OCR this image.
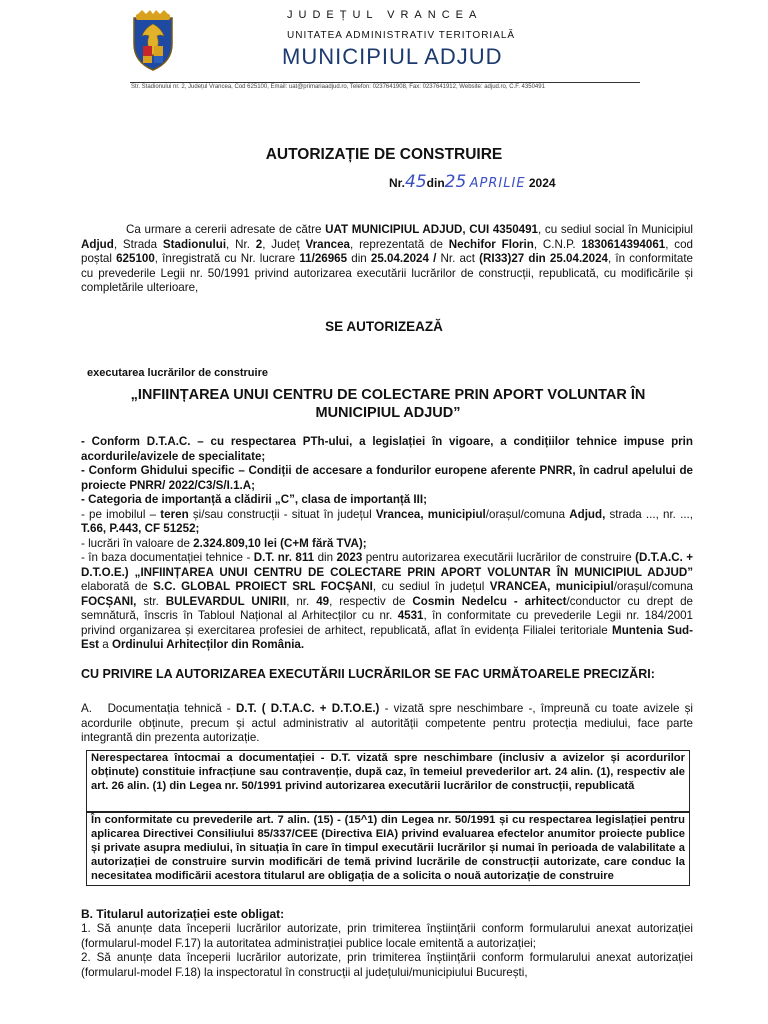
JUDEȚUL VRANCEA
UNITATEA ADMINISTRATIV TERITORIALĂ
MUNICIPIUL ADJUD
Str. Stadionului nr. 2, Județul Vrancea, Cod 625100, Email: uat@primariaadjud.ro, Telefon: 0237641908, Fax: 0237641912, Website: adjud.ro, C.F. 4350491
AUTORIZAȚIE DE CONSTRUIRE
Nr.45din25 APRILIE 2024
Ca urmare a cererii adresate de către UAT MUNICIPIUL ADJUD, CUI 4350491, cu sediul social în Municipiul Adjud, Strada Stadionului, Nr. 2, Județ Vrancea, reprezentată de Nechifor Florin, C.N.P. 1830614394061, cod poștal 625100, înregistrată cu Nr. lucrare 11/26965 din 25.04.2024 / Nr. act (RI33)27 din 25.04.2024, în conformitate cu prevederile Legii nr. 50/1991 privind autorizarea executării lucrărilor de construcții, republicată, cu modificările și completările ulterioare,
SE AUTORIZEAZĂ
executarea lucrărilor de construire
„INFIINȚAREA UNUI CENTRU DE COLECTARE PRIN APORT VOLUNTAR ÎN MUNICIPIUL ADJUD”
- Conform D.T.A.C. – cu respectarea PTh-ului, a legislației în vigoare, a condițiilor tehnice impuse prin acordurile/avizele de specialitate;
- Conform Ghidului specific – Condiții de accesare a fondurilor europene aferente PNRR, în cadrul apelului de proiecte PNRR/ 2022/C3/S/I.1.A;
- Categoria de importanță a clădirii „C”, clasa de importanță III;
- pe imobilul – teren și/sau construcții - situat în județul Vrancea, municipiul/orașul/comuna Adjud, strada ..., nr. ..., T.66, P.443, CF 51252;
- lucrări în valoare de 2.324.809,10 lei (C+M fără TVA);
- în baza documentației tehnice - D.T. nr. 811 din 2023 pentru autorizarea executării lucrărilor de construire (D.T.A.C. + D.T.O.E.) „INFIINȚAREA UNUI CENTRU DE COLECTARE PRIN APORT VOLUNTAR ÎN MUNICIPIUL ADJUD” elaborată de S.C. GLOBAL PROIECT SRL FOCȘANI, cu sediul în județul VRANCEA, municipiul/orașul/comuna FOCȘANI, str. BULEVARDUL UNIRII, nr. 49, respectiv de Cosmin Nedelcu - arhitect/conductor cu drept de semnătură, înscris în Tabloul Național al Arhitecților cu nr. 4531, în conformitate cu prevederile Legii nr. 184/2001 privind organizarea și exercitarea profesiei de arhitect, republicată, aflat în evidența Filialei teritoriale Muntenia Sud-Est a Ordinului Arhitecților din România.
CU PRIVIRE LA AUTORIZAREA EXECUTĂRII LUCRĂRILOR SE FAC URMĂTOARELE PRECIZĂRI:
A. Documentația tehnică - D.T. ( D.T.A.C. + D.T.O.E.) - vizată spre neschimbare -, împreună cu toate avizele și acordurile obținute, precum și actul administrativ al autorității competente pentru protecția mediului, face parte integrantă din prezenta autorizație.
Nerespectarea întocmai a documentației - D.T. vizată spre neschimbare (inclusiv a avizelor și acordurilor obținute) constituie infracțiune sau contravenție, după caz, în temeiul prevederilor art. 24 alin. (1), respectiv ale art. 26 alin. (1) din Legea nr. 50/1991 privind autorizarea executării lucrărilor de construcții, republicată
În conformitate cu prevederile art. 7 alin. (15) - (15^1) din Legea nr. 50/1991 și cu respectarea legislației pentru aplicarea Directivei Consiliului 85/337/CEE (Directiva EIA) privind evaluarea efectelor anumitor proiecte publice și private asupra mediului, în situația în care în timpul executării lucrărilor și numai în perioada de valabilitate a autorizației de construire survin modificări de temă privind lucrările de construcții autorizate, care conduc la necesitatea modificării acestora titularul are obligația de a solicita o nouă autorizație de construire
B. Titularul autorizației este obligat:
1. Să anunțe data începerii lucrărilor autorizate, prin trimiterea înștiințării conform formularului anexat autorizației (formularul-model F.17) la autoritatea administrației publice locale emitentă a autorizației;
2. Să anunțe data începerii lucrărilor autorizate, prin trimiterea înștiințării conform formularului anexat autorizației (formularul-model F.18) la inspectoratul în construcții al județului/municipiului București,
